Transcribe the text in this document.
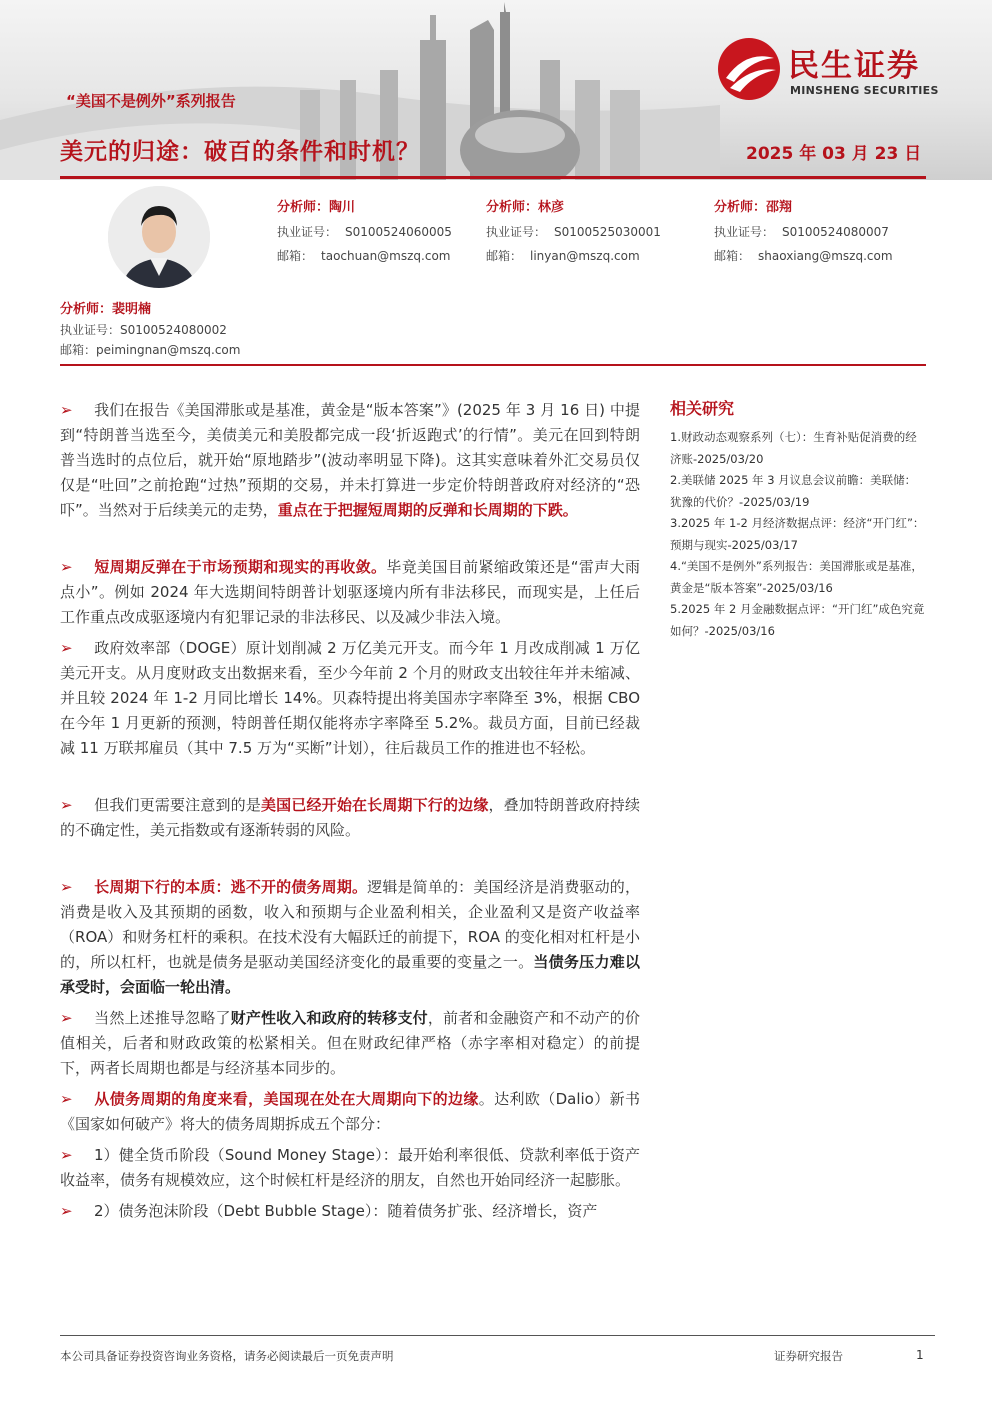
“美国不是例外”系列报告
美元的归途：破百的条件和时机？	2025 年 03 月 23 日
民生证券
MINSHENG SECURITIES
分析师：陶川
执业证号： S0100524060005
邮箱： taochuan@mszq.com
分析师：林彦
执业证号： S0100525030001
邮箱： linyan@mszq.com
分析师：邵翔
执业证号： S0100524080007
邮箱： shaoxiang@mszq.com
分析师：裴明楠
执业证号：S0100524080002
邮箱：peimingnan@mszq.com

➢ 我们在报告《美国滞胀或是基准，黄金是“版本答案”》(2025 年 3 月 16 日) 中提到“特朗普当选至今，美债美元和美股都完成一段‘折返跑式’的行情”。美元在回到特朗普当选时的点位后，就开始“原地踏步”(波动率明显下降)。这其实意味着外汇交易员仅仅是“吐回”之前抢跑“过热”预期的交易，并未打算进一步定价特朗普政府对经济的“恐吓”。当然对于后续美元的走势，重点在于把握短周期的反弹和长周期的下跌。

➢ 短周期反弹在于市场预期和现实的再收敛。毕竟美国目前紧缩政策还是“雷声大雨点小”。例如 2024 年大选期间特朗普计划驱逐境内所有非法移民，而现实是，上任后工作重点改成驱逐境内有犯罪记录的非法移民、以及减少非法入境。

➢ 政府效率部（DOGE）原计划削减 2 万亿美元开支。而今年 1 月改成削减 1 万亿美元开支。从月度财政支出数据来看，至少今年前 2 个月的财政支出较往年并未缩减、并且较 2024 年 1-2 月同比增长 14%。贝森特提出将美国赤字率降至 3%，根据 CBO 在今年 1 月更新的预测，特朗普任期仅能将赤字率降至 5.2%。裁员方面，目前已经裁减 11 万联邦雇员（其中 7.5 万为“买断”计划），往后裁员工作的推进也不轻松。

➢ 但我们更需要注意到的是美国已经开始在长周期下行的边缘，叠加特朗普政府持续的不确定性，美元指数或有逐渐转弱的风险。

➢ 长周期下行的本质：逃不开的债务周期。逻辑是简单的：美国经济是消费驱动的，消费是收入及其预期的函数，收入和预期与企业盈利相关，企业盈利又是资产收益率（ROA）和财务杠杆的乘积。在技术没有大幅跃迁的前提下，ROA 的变化相对杠杆是小的，所以杠杆，也就是债务是驱动美国经济变化的最重要的变量之一。当债务压力难以承受时，会面临一轮出清。

➢ 当然上述推导忽略了财产性收入和政府的转移支付，前者和金融资产和不动产的价值相关，后者和财政政策的松紧相关。但在财政纪律严格（赤字率相对稳定）的前提下，两者长周期也都是与经济基本同步的。

➢ 从债务周期的角度来看，美国现在处在大周期向下的边缘。达利欧（Dalio）新书《国家如何破产》将大的债务周期拆成五个部分：

➢ 1）健全货币阶段（Sound Money Stage）：最开始利率很低、贷款利率低于资产收益率，债务有规模效应，这个时候杠杆是经济的朋友，自然也开始同经济一起膨胀。

➢ 2）债务泡沫阶段（Debt Bubble Stage）：随着债务扩张、经济增长，资产

相关研究
1.财政动态观察系列（七）：生育补贴促消费的经济账-2025/03/20
2.美联储 2025 年 3 月议息会议前瞻：美联储：犹豫的代价？-2025/03/19
3.2025 年 1-2 月经济数据点评：经济“开门红”：预期与现实-2025/03/17
4.“美国不是例外”系列报告：美国滞胀或是基准，黄金是“版本答案”-2025/03/16
5.2025 年 2 月金融数据点评：“开门红”成色究竟如何？-2025/03/16
本公司具备证券投资咨询业务资格，请务必阅读最后一页免责声明	证券研究报告	1
